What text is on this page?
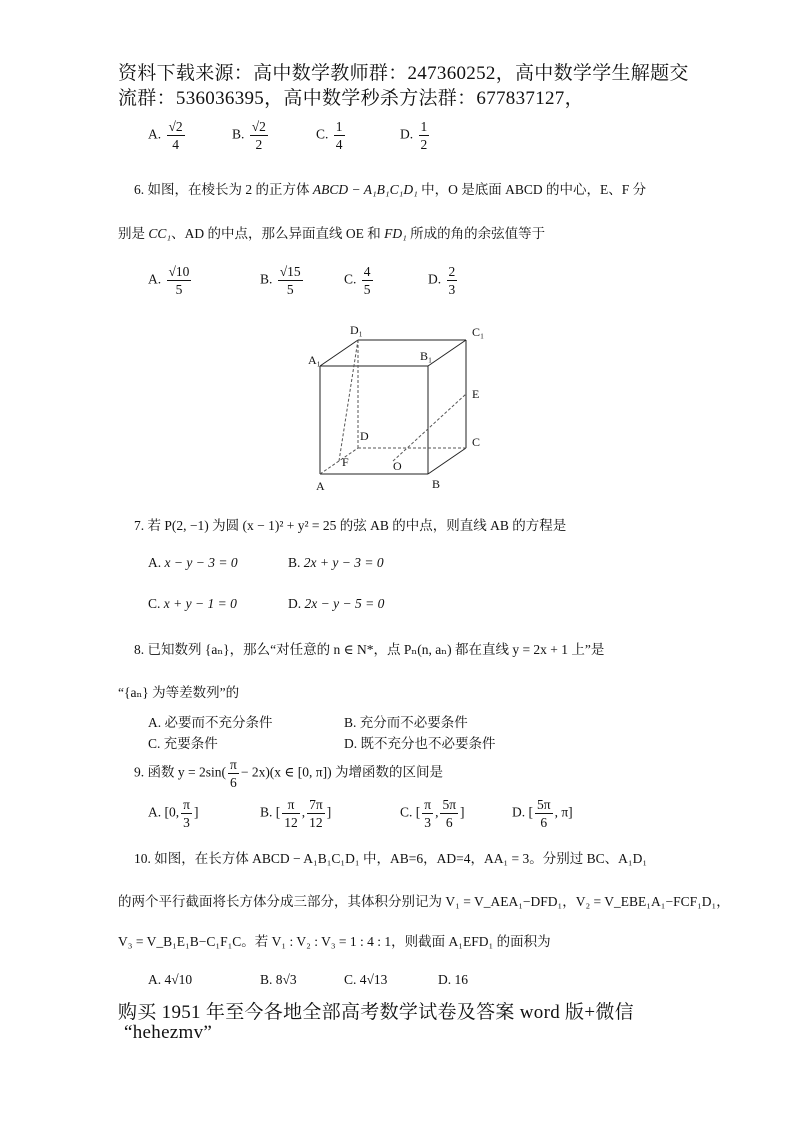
资料下载来源：高中数学教师群：247360252，高中数学学生解题交
流群：536036395，高中数学秒杀方法群：677837127，
A. $\frac{√2}{4}$	B. $\frac{√2}{2}$	C. $\frac{1}{4}$	D. $\frac{1}{2}$
6. 如图，在棱长为 2 的正方体 ABCD − A₁B₁C₁D₁ 中，O 是底面 ABCD 的中心，E、F 分
别是 CC₁、AD 的中点，那么异面直线 OE 和 FD₁ 所成的角的余弦值等于
A. $\frac{√10}{5}$	B. $\frac{√15}{5}$	C. $\frac{4}{5}$	D. $\frac{2}{3}$
A₁
D₁
B₁
C₁
E
D	C
F	O
A	B
7. 若 P(2, −1) 为圆 (x − 1)² + y² = 25 的弦 AB 的中点，则直线 AB 的方程是
A. x − y − 3 = 0	B. 2x + y − 3 = 0
C. x + y − 1 = 0	D. 2x − y − 5 = 0
8. 已知数列 {aₙ}，那么“对任意的 n ∈ N*，点 Pₙ(n, aₙ) 都在直线 y = 2x + 1 上”是
“{aₙ} 为等差数列”的
A. 必要而不充分条件	B. 充分而不必要条件
C. 充要条件	D. 既不充分也不必要条件
9. 函数 $y = 2\sin( \frac{\pi}{6} - 2x)(x$ ∈ [0, π]) 为增函数的区间是
A. [0, $\frac{\pi}{3}$ ]	B. [ $\frac{\pi}{12}$ , $\frac{7\pi}{12}$ ]	C. [ $\frac{\pi}{3}$ , $\frac{5\pi}{6}$ ]	D. [ $\frac{5\pi}{6}$ , π]
10. 如图，在长方体 ABCD − A₁B₁C₁D₁ 中，AB=6，AD=4，AA₁ = 3。分别过 BC、A₁D₁
的两个平行截面将长方体分成三部分，其体积分别记为 V₁ = V_AEA₁−DFD₁，V₂ = V_EBE₁A₁−FCF₁D₁，
V₃ = V_B₁E₁B−C₁F₁C。若 V₁ : V₂ : V₃ = 1 : 4 : 1，则截面 A₁EFD₁ 的面积为
A. 4√10	B. 8√3	C. 4√13	D. 16
购买 1951 年至今各地全部高考数学试卷及答案 word 版+微信
“hehezmv”
